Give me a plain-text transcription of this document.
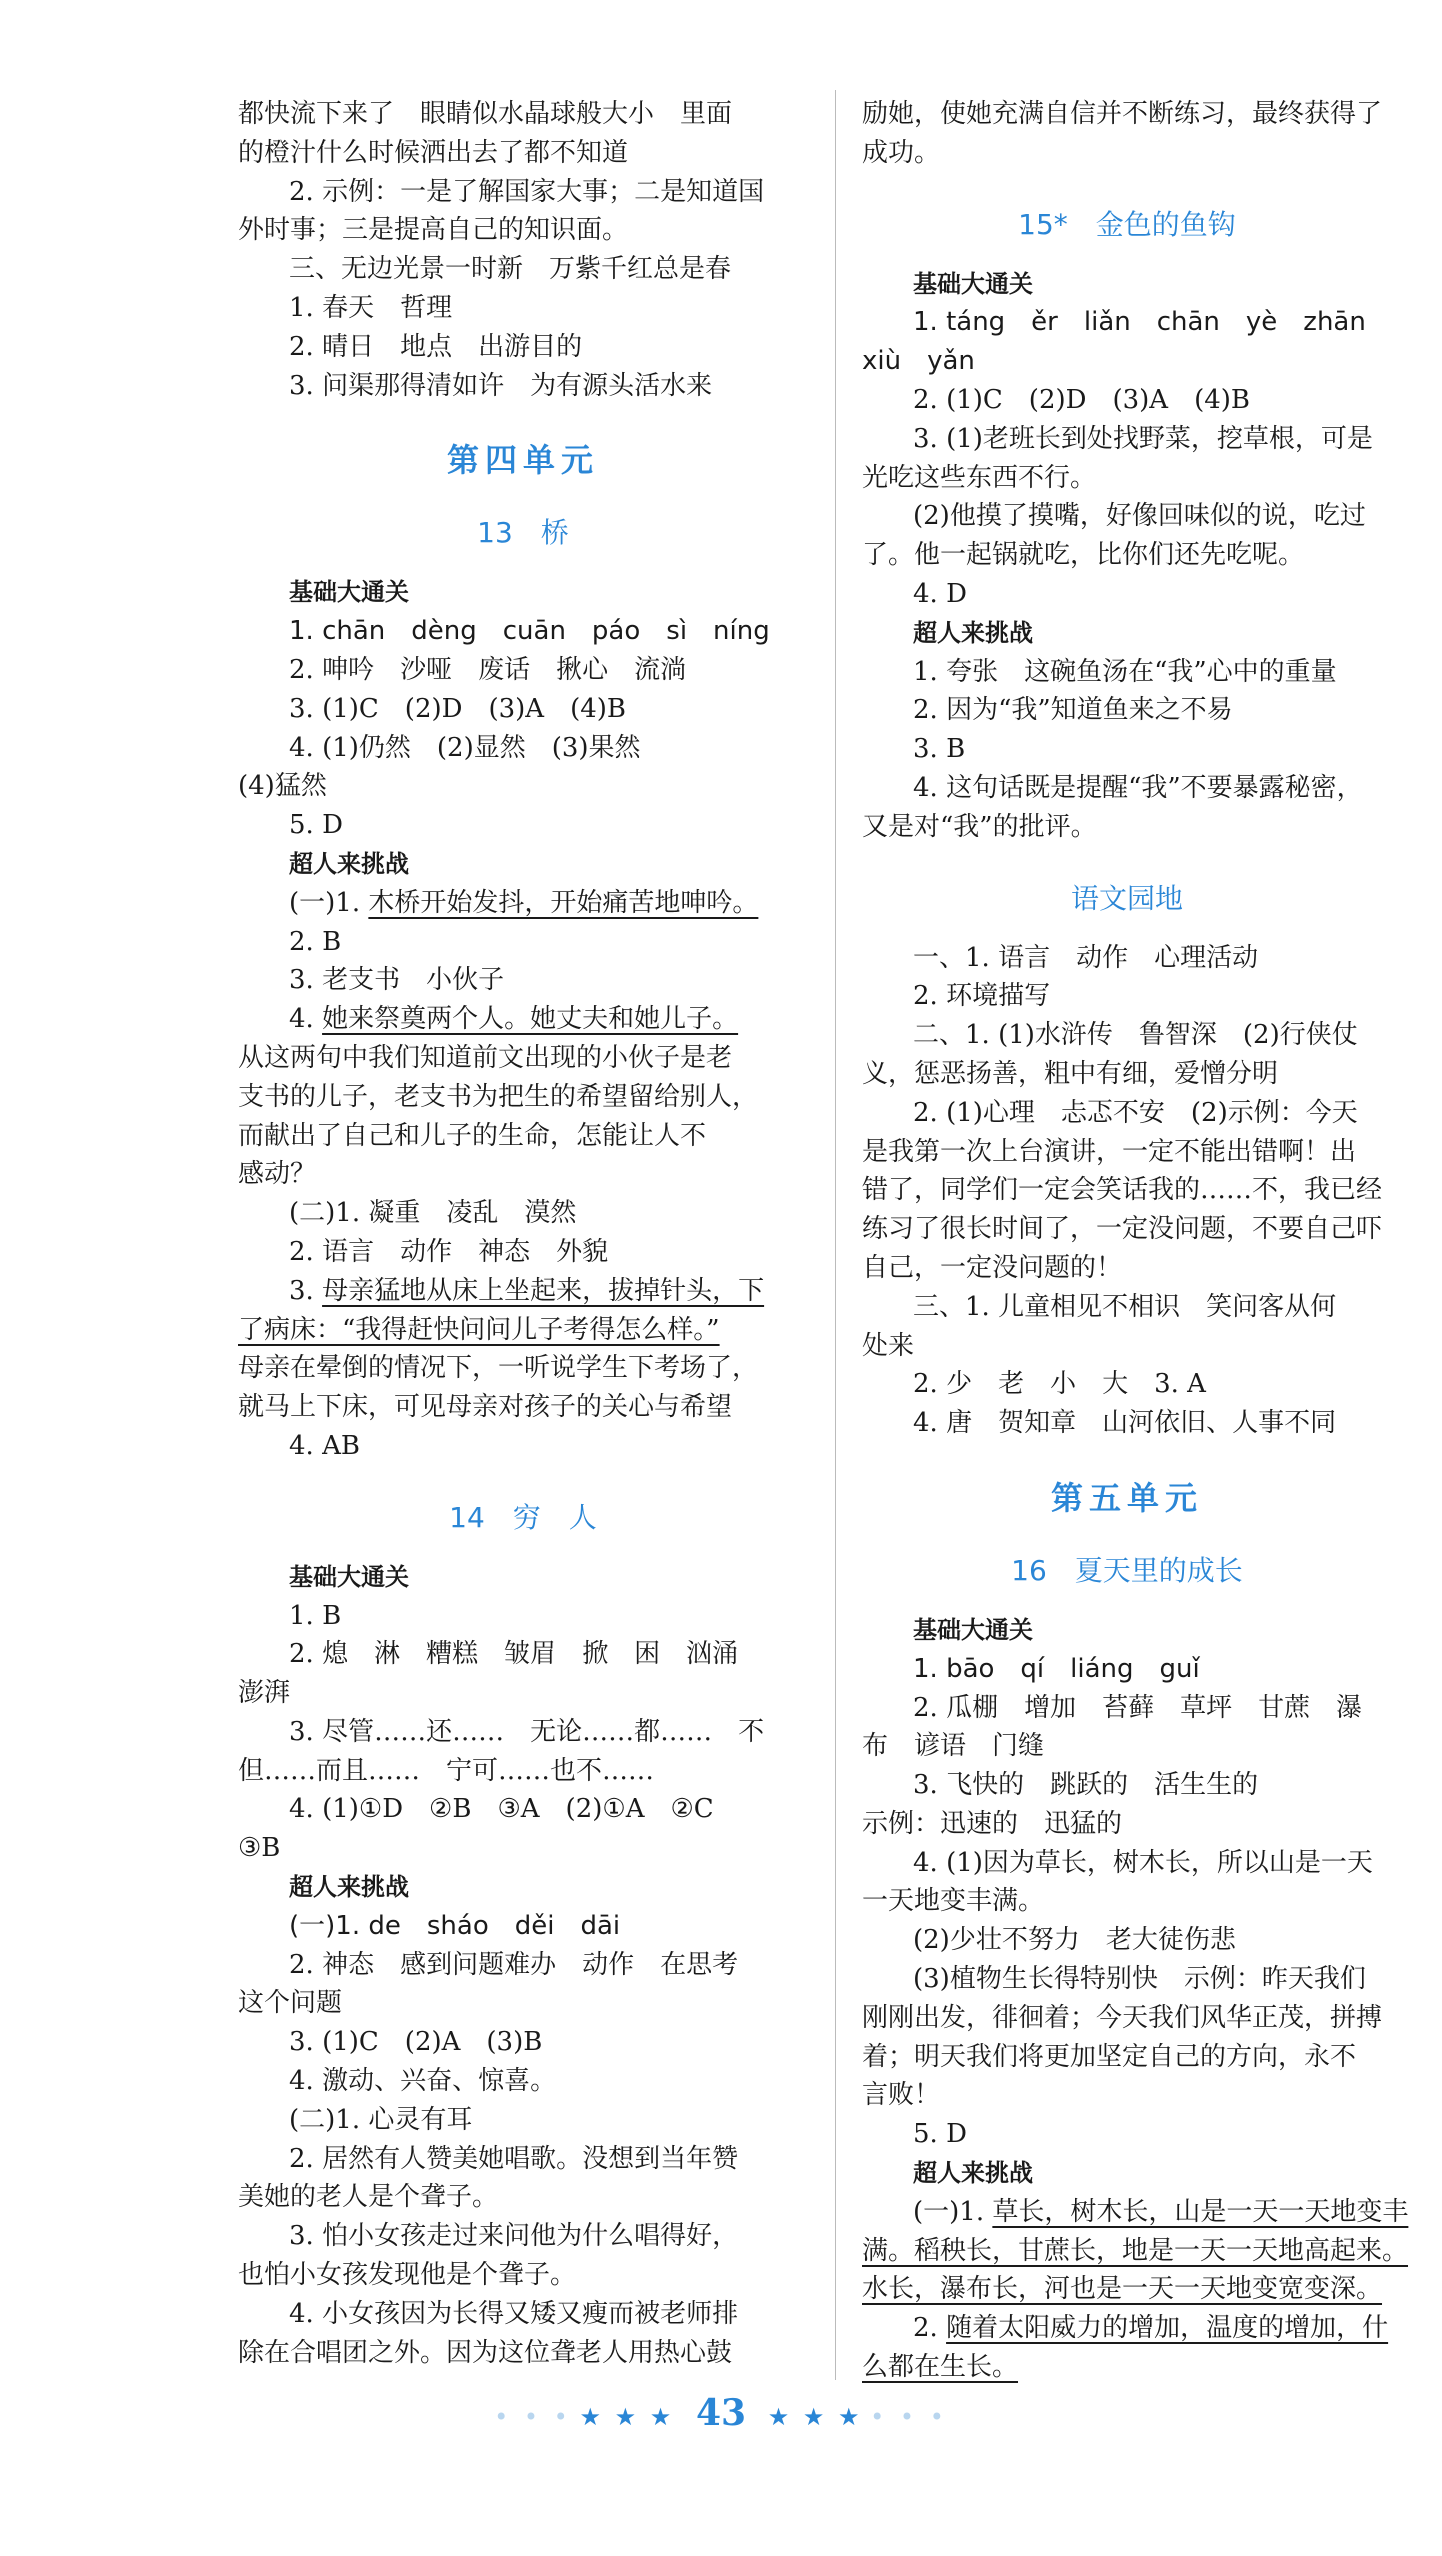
都快流下来了　眼睛似水晶球般大小　里面
的橙汁什么时候洒出去了都不知道
2. 示例：一是了解国家大事；二是知道国
外时事；三是提高自己的知识面。
三、无边光景一时新　万紫千红总是春
1. 春天　哲理
2. 晴日　地点　出游目的
3. 问渠那得清如许　为有源头活水来
第四单元
13　桥
基础大通关
1. chān　dèng　cuān　páo　sì　níng
2. 呻吟　沙哑　废话　揪心　流淌
3. (1)C　(2)D　(3)A　(4)B
4. (1)仍然　(2)显然　(3)果然
(4)猛然
5. D
超人来挑战
(一)1. 木桥开始发抖，开始痛苦地呻吟。
2. B
3. 老支书　小伙子
4. 她来祭奠两个人。她丈夫和她儿子。
从这两句中我们知道前文出现的小伙子是老
支书的儿子，老支书为把生的希望留给别人，
而献出了自己和儿子的生命，怎能让人不
感动？
(二)1. 凝重　凌乱　漠然
2. 语言　动作　神态　外貌
3. 母亲猛地从床上坐起来，拔掉针头，下
了病床：“我得赶快问问儿子考得怎么样。”
母亲在晕倒的情况下，一听说学生下考场了，
就马上下床，可见母亲对孩子的关心与希望
4. AB
14　穷　人
基础大通关
1. B
2. 熄　淋　糟糕　皱眉　掀　困　汹涌
澎湃
3. 尽管……还……　无论……都……　不
但……而且……　宁可……也不……
4. (1)①D　②B　③A　(2)①A　②C
③B
超人来挑战
(一)1. de　sháo　děi　dāi
2. 神态　感到问题难办　动作　在思考
这个问题
3. (1)C　(2)A　(3)B
4. 激动、兴奋、惊喜。
(二)1. 心灵有耳
2. 居然有人赞美她唱歌。没想到当年赞
美她的老人是个聋子。
3. 怕小女孩走过来问他为什么唱得好，
也怕小女孩发现他是个聋子。
4. 小女孩因为长得又矮又瘦而被老师排
除在合唱团之外。因为这位聋老人用热心鼓
励她，使她充满自信并不断练习，最终获得了
成功。
15*　金色的鱼钩
基础大通关
1. táng　ěr　liǎn　chān　yè　zhān
xiù　yǎn
2. (1)C　(2)D　(3)A　(4)B
3. (1)老班长到处找野菜，挖草根，可是
光吃这些东西不行。
(2)他摸了摸嘴，好像回味似的说，吃过
了。他一起锅就吃，比你们还先吃呢。
4. D
超人来挑战
1. 夸张　这碗鱼汤在“我”心中的重量
2. 因为“我”知道鱼来之不易
3. B
4. 这句话既是提醒“我”不要暴露秘密，
又是对“我”的批评。
语文园地
一、1. 语言　动作　心理活动
2. 环境描写
二、1. (1)水浒传　鲁智深　(2)行侠仗
义，惩恶扬善，粗中有细，爱憎分明
2. (1)心理　忐忑不安　(2)示例：今天
是我第一次上台演讲，一定不能出错啊！出
错了，同学们一定会笑话我的……不，我已经
练习了很长时间了，一定没问题，不要自己吓
自己，一定没问题的！
三、1. 儿童相见不相识　笑问客从何
处来
2. 少　老　小　大　3. A
4. 唐　贺知章　山河依旧、人事不同
第五单元
16　夏天里的成长
基础大通关
1. bāo　qí　liáng　guǐ
2. 瓜棚　增加　苔藓　草坪　甘蔗　瀑
布　谚语　门缝
3. 飞快的　跳跃的　活生生的
示例：迅速的　迅猛的
4. (1)因为草长，树木长，所以山是一天
一天地变丰满。
(2)少壮不努力　老大徒伤悲
(3)植物生长得特别快　示例：昨天我们
刚刚出发，徘徊着；今天我们风华正茂，拼搏
着；明天我们将更加坚定自己的方向，永不
言败！
5. D
超人来挑战
(一)1. 草长，树木长，山是一天一天地变丰
满。稻秧长，甘蔗长，地是一天一天地高起来。
水长，瀑布长，河也是一天一天地变宽变深。
2. 随着太阳威力的增加，温度的增加，什
么都在生长。
• • • ★ ★ ★ 43 ★ ★ ★ • • •
